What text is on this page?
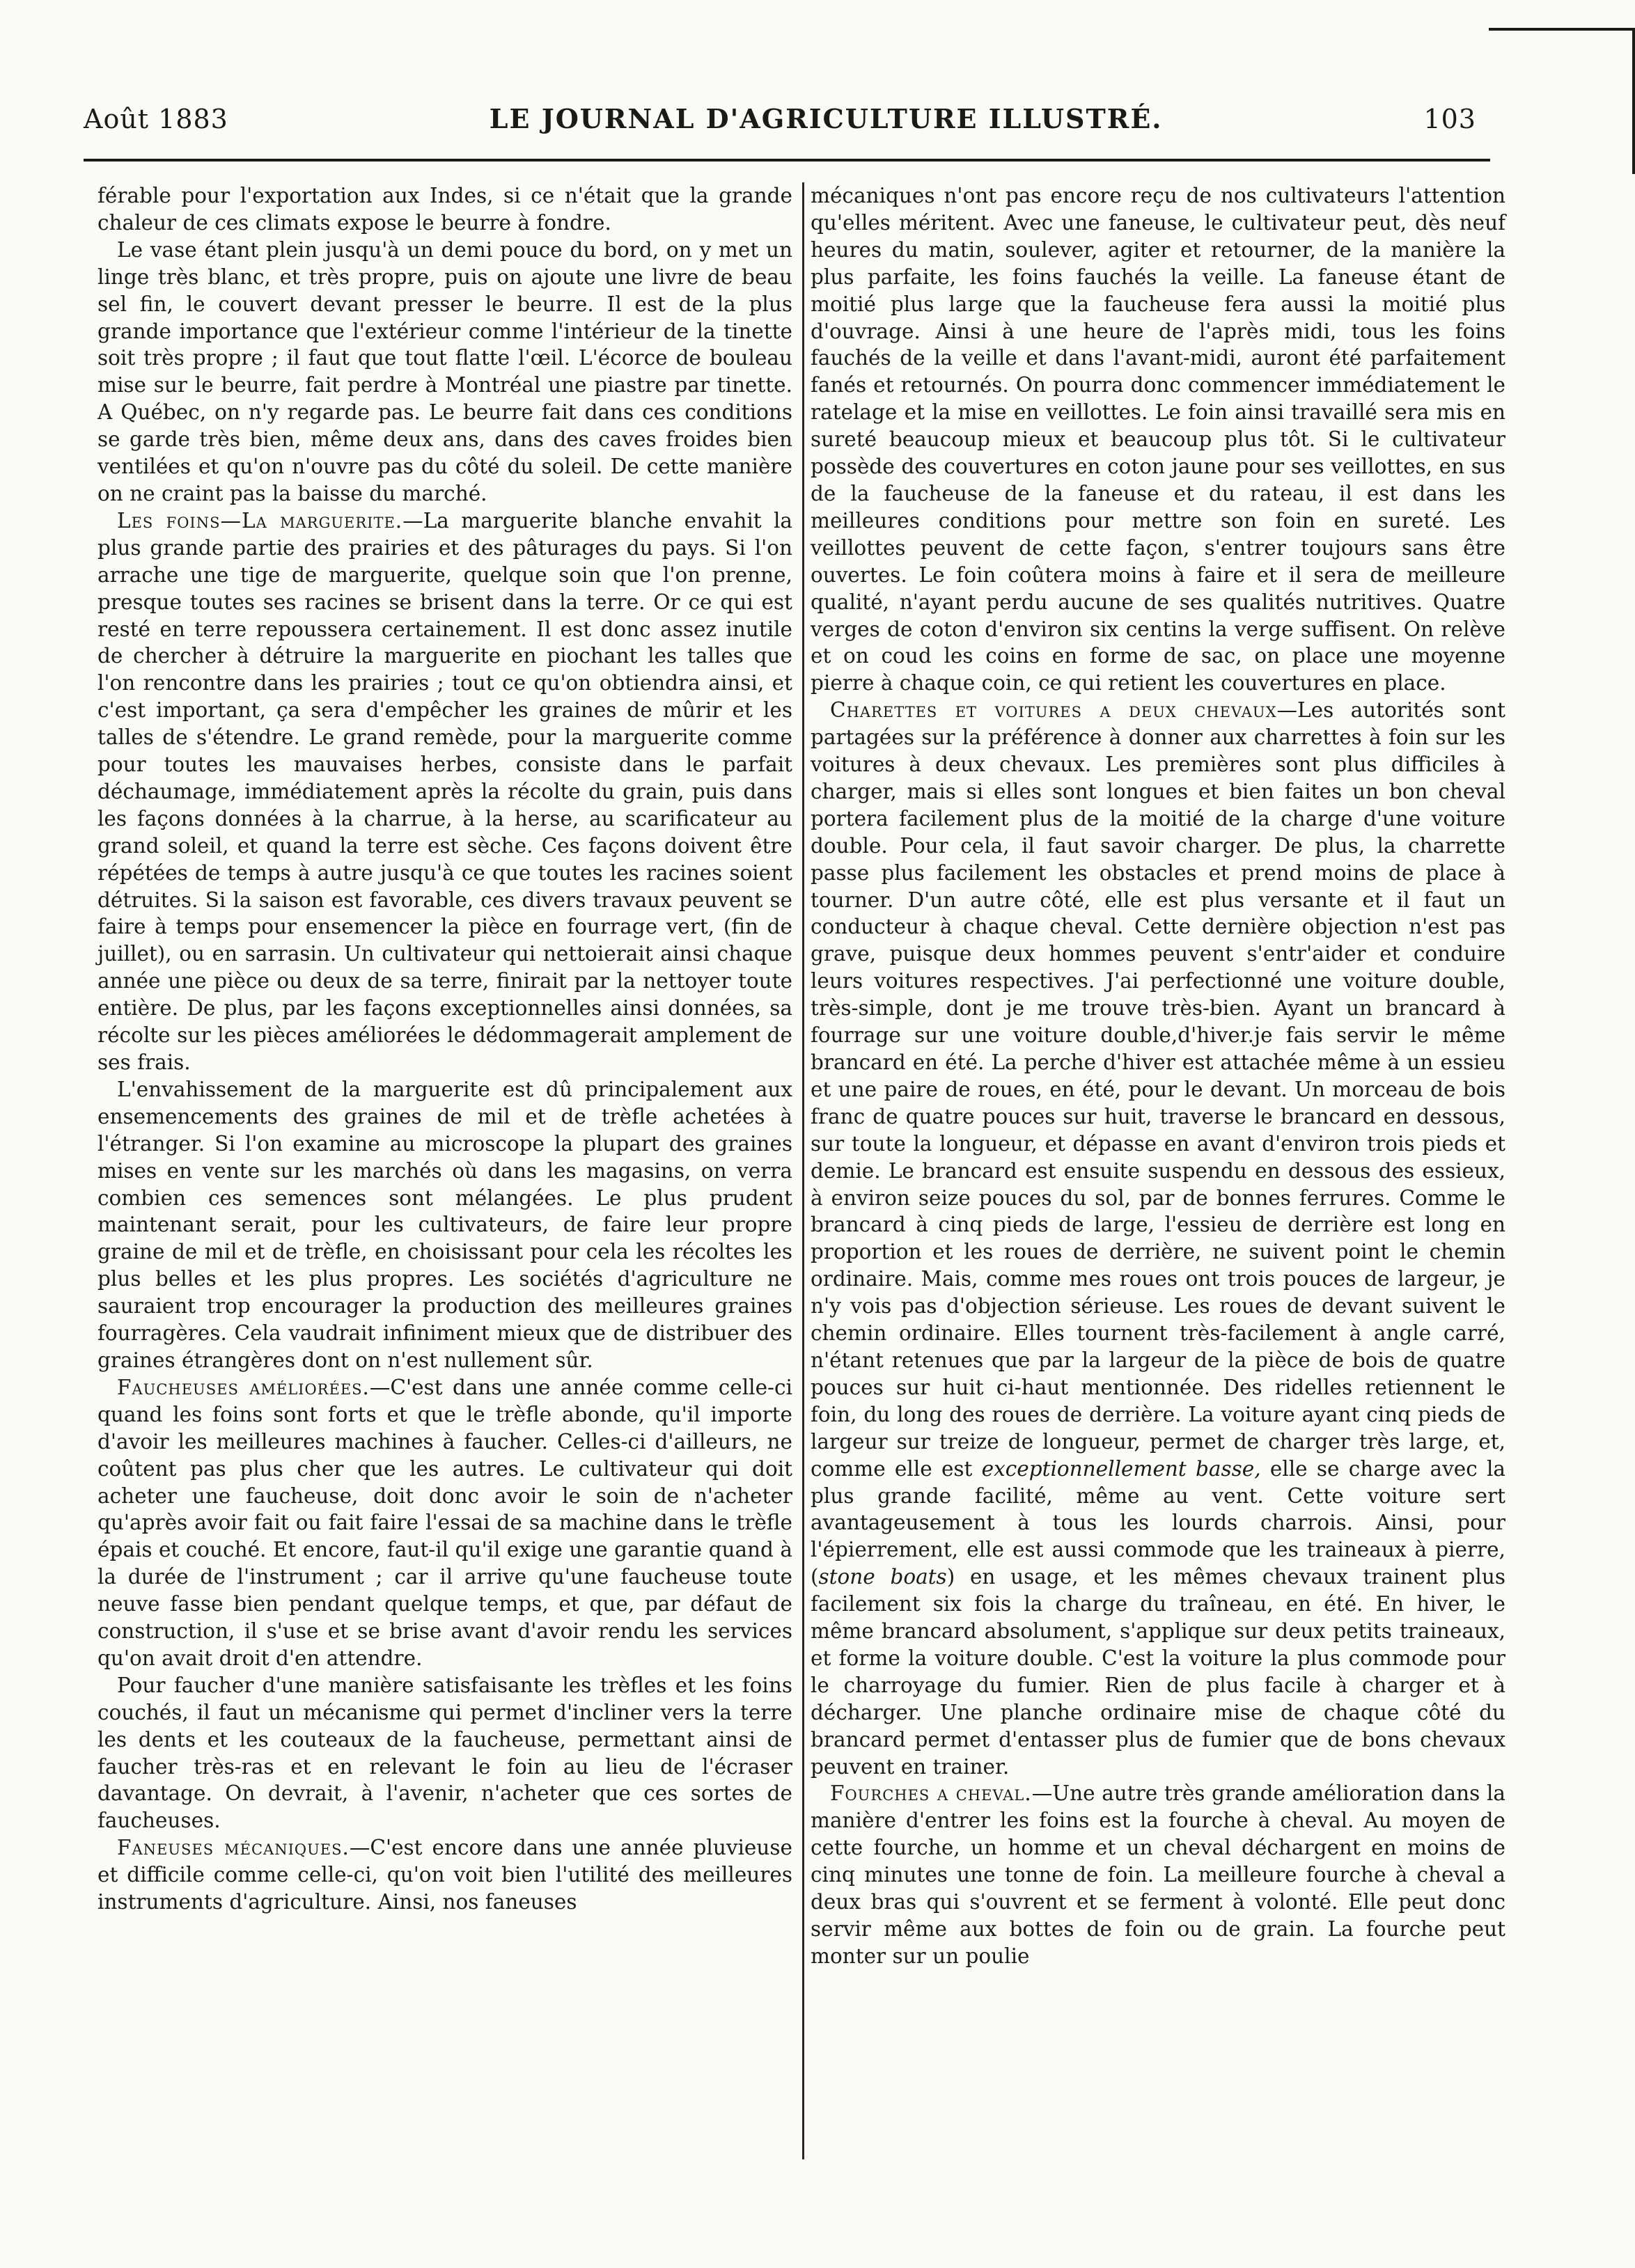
Août 1883	LE JOURNAL D'AGRICULTURE ILLUSTRÉ.	103

férable pour l'exportation aux Indes, si ce n'était que la grande chaleur de ces climats expose le beurre à fondre.

Le vase étant plein jusqu'à un demi pouce du bord, on y met un linge très blanc, et très propre, puis on ajoute une livre de beau sel fin, le couvert devant presser le beurre. Il est de la plus grande importance que l'extérieur comme l'intérieur de la tinette soit très propre ; il faut que tout flatte l'œil. L'écorce de bouleau mise sur le beurre, fait perdre à Montréal une piastre par tinette. A Québec, on n'y regarde pas. Le beurre fait dans ces conditions se garde très bien, même deux ans, dans des caves froides bien ventilées et qu'on n'ouvre pas du côté du soleil. De cette manière on ne craint pas la baisse du marché.

Les foins—La marguerite.—La marguerite blanche envahit la plus grande partie des prairies et des pâturages du pays. Si l'on arrache une tige de marguerite, quelque soin que l'on prenne, presque toutes ses racines se brisent dans la terre. Or ce qui est resté en terre repoussera certainement. Il est donc assez inutile de chercher à détruire la marguerite en piochant les talles que l'on rencontre dans les prairies ; tout ce qu'on obtiendra ainsi, et c'est important, ça sera d'empêcher les graines de mûrir et les talles de s'étendre. Le grand remède, pour la marguerite comme pour toutes les mauvaises herbes, consiste dans le parfait déchaumage, immédiatement après la récolte du grain, puis dans les façons données à la charrue, à la herse, au scarificateur au grand soleil, et quand la terre est sèche. Ces façons doivent être répétées de temps à autre jusqu'à ce que toutes les racines soient détruites. Si la saison est favorable, ces divers travaux peuvent se faire à temps pour ensemencer la pièce en fourrage vert, (fin de juillet), ou en sarrasin. Un cultivateur qui nettoierait ainsi chaque année une pièce ou deux de sa terre, finirait par la nettoyer toute entière. De plus, par les façons exceptionnelles ainsi données, sa récolte sur les pièces améliorées le dédommagerait amplement de ses frais.

L'envahissement de la marguerite est dû principalement aux ensemencements des graines de mil et de trèfle achetées à l'étranger. Si l'on examine au microscope la plupart des graines mises en vente sur les marchés où dans les magasins, on verra combien ces semences sont mélangées. Le plus prudent maintenant serait, pour les cultivateurs, de faire leur propre graine de mil et de trèfle, en choisissant pour cela les récoltes les plus belles et les plus propres. Les sociétés d'agriculture ne sauraient trop encourager la production des meilleures graines fourragères. Cela vaudrait infiniment mieux que de distribuer des graines étrangères dont on n'est nullement sûr.

Faucheuses améliorées.—C'est dans une année comme celle-ci quand les foins sont forts et que le trèfle abonde, qu'il importe d'avoir les meilleures machines à faucher. Celles-ci d'ailleurs, ne coûtent pas plus cher que les autres. Le cultivateur qui doit acheter une faucheuse, doit donc avoir le soin de n'acheter qu'après avoir fait ou fait faire l'essai de sa machine dans le trèfle épais et couché. Et encore, faut-il qu'il exige une garantie quand à la durée de l'instrument ; car il arrive qu'une faucheuse toute neuve fasse bien pendant quelque temps, et que, par défaut de construction, il s'use et se brise avant d'avoir rendu les services qu'on avait droit d'en attendre.

Pour faucher d'une manière satisfaisante les trèfles et les foins couchés, il faut un mécanisme qui permet d'incliner vers la terre les dents et les couteaux de la faucheuse, permettant ainsi de faucher très-ras et en relevant le foin au lieu de l'écraser davantage. On devrait, à l'avenir, n'acheter que ces sortes de faucheuses.

Faneuses mécaniques.—C'est encore dans une année pluvieuse et difficile comme celle-ci, qu'on voit bien l'utilité des meilleures instruments d'agriculture. Ainsi, nos faneuses

mécaniques n'ont pas encore reçu de nos cultivateurs l'attention qu'elles méritent. Avec une faneuse, le cultivateur peut, dès neuf heures du matin, soulever, agiter et retourner, de la manière la plus parfaite, les foins fauchés la veille. La faneuse étant de moitié plus large que la faucheuse fera aussi la moitié plus d'ouvrage. Ainsi à une heure de l'après midi, tous les foins fauchés de la veille et dans l'avant-midi, auront été parfaitement fanés et retournés. On pourra donc commencer immédiatement le ratelage et la mise en veillottes. Le foin ainsi travaillé sera mis en sureté beaucoup mieux et beaucoup plus tôt. Si le cultivateur possède des couvertures en coton jaune pour ses veillottes, en sus de la faucheuse de la faneuse et du rateau, il est dans les meilleures conditions pour mettre son foin en sureté. Les veillottes peuvent de cette façon, s'entrer toujours sans être ouvertes. Le foin coûtera moins à faire et il sera de meilleure qualité, n'ayant perdu aucune de ses qualités nutritives. Quatre verges de coton d'environ six centins la verge suffisent. On relève et on coud les coins en forme de sac, on place une moyenne pierre à chaque coin, ce qui retient les couvertures en place.

Charettes et voitures a deux chevaux—Les autorités sont partagées sur la préférence à donner aux charrettes à foin sur les voitures à deux chevaux. Les premières sont plus difficiles à charger, mais si elles sont longues et bien faites un bon cheval portera facilement plus de la moitié de la charge d'une voiture double. Pour cela, il faut savoir charger. De plus, la charrette passe plus facilement les obstacles et prend moins de place à tourner. D'un autre côté, elle est plus versante et il faut un conducteur à chaque cheval. Cette dernière objection n'est pas grave, puisque deux hommes peuvent s'entr'aider et conduire leurs voitures respectives. J'ai perfectionné une voiture double, très-simple, dont je me trouve très-bien. Ayant un brancard à fourrage sur une voiture double,d'hiver.je fais servir le même brancard en été. La perche d'hiver est attachée même à un essieu et une paire de roues, en été, pour le devant. Un morceau de bois franc de quatre pouces sur huit, traverse le brancard en dessous, sur toute la longueur, et dépasse en avant d'environ trois pieds et demie. Le brancard est ensuite suspendu en dessous des essieux, à environ seize pouces du sol, par de bonnes ferrures. Comme le brancard à cinq pieds de large, l'essieu de derrière est long en proportion et les roues de derrière, ne suivent point le chemin ordinaire. Mais, comme mes roues ont trois pouces de largeur, je n'y vois pas d'objection sérieuse. Les roues de devant suivent le chemin ordinaire. Elles tournent très-facilement à angle carré, n'étant retenues que par la largeur de la pièce de bois de quatre pouces sur huit ci-haut mentionnée. Des ridelles retiennent le foin, du long des roues de derrière. La voiture ayant cinq pieds de largeur sur treize de longueur, permet de charger très large, et, comme elle est exceptionnellement basse, elle se charge avec la plus grande facilité, même au vent. Cette voiture sert avantageusement à tous les lourds charrois. Ainsi, pour l'épierrement, elle est aussi commode que les traineaux à pierre, (stone boats) en usage, et les mêmes chevaux trainent plus facilement six fois la charge du traîneau, en été. En hiver, le même brancard absolument, s'applique sur deux petits traineaux, et forme la voiture double. C'est la voiture la plus commode pour le charroyage du fumier. Rien de plus facile à charger et à décharger. Une planche ordinaire mise de chaque côté du brancard permet d'entasser plus de fumier que de bons chevaux peuvent en trainer.

Fourches a cheval.—Une autre très grande amélioration dans la manière d'entrer les foins est la fourche à cheval. Au moyen de cette fourche, un homme et un cheval déchargent en moins de cinq minutes une tonne de foin. La meilleure fourche à cheval a deux bras qui s'ouvrent et se ferment à volonté. Elle peut donc servir même aux bottes de foin ou de grain. La fourche peut monter sur un poulie
